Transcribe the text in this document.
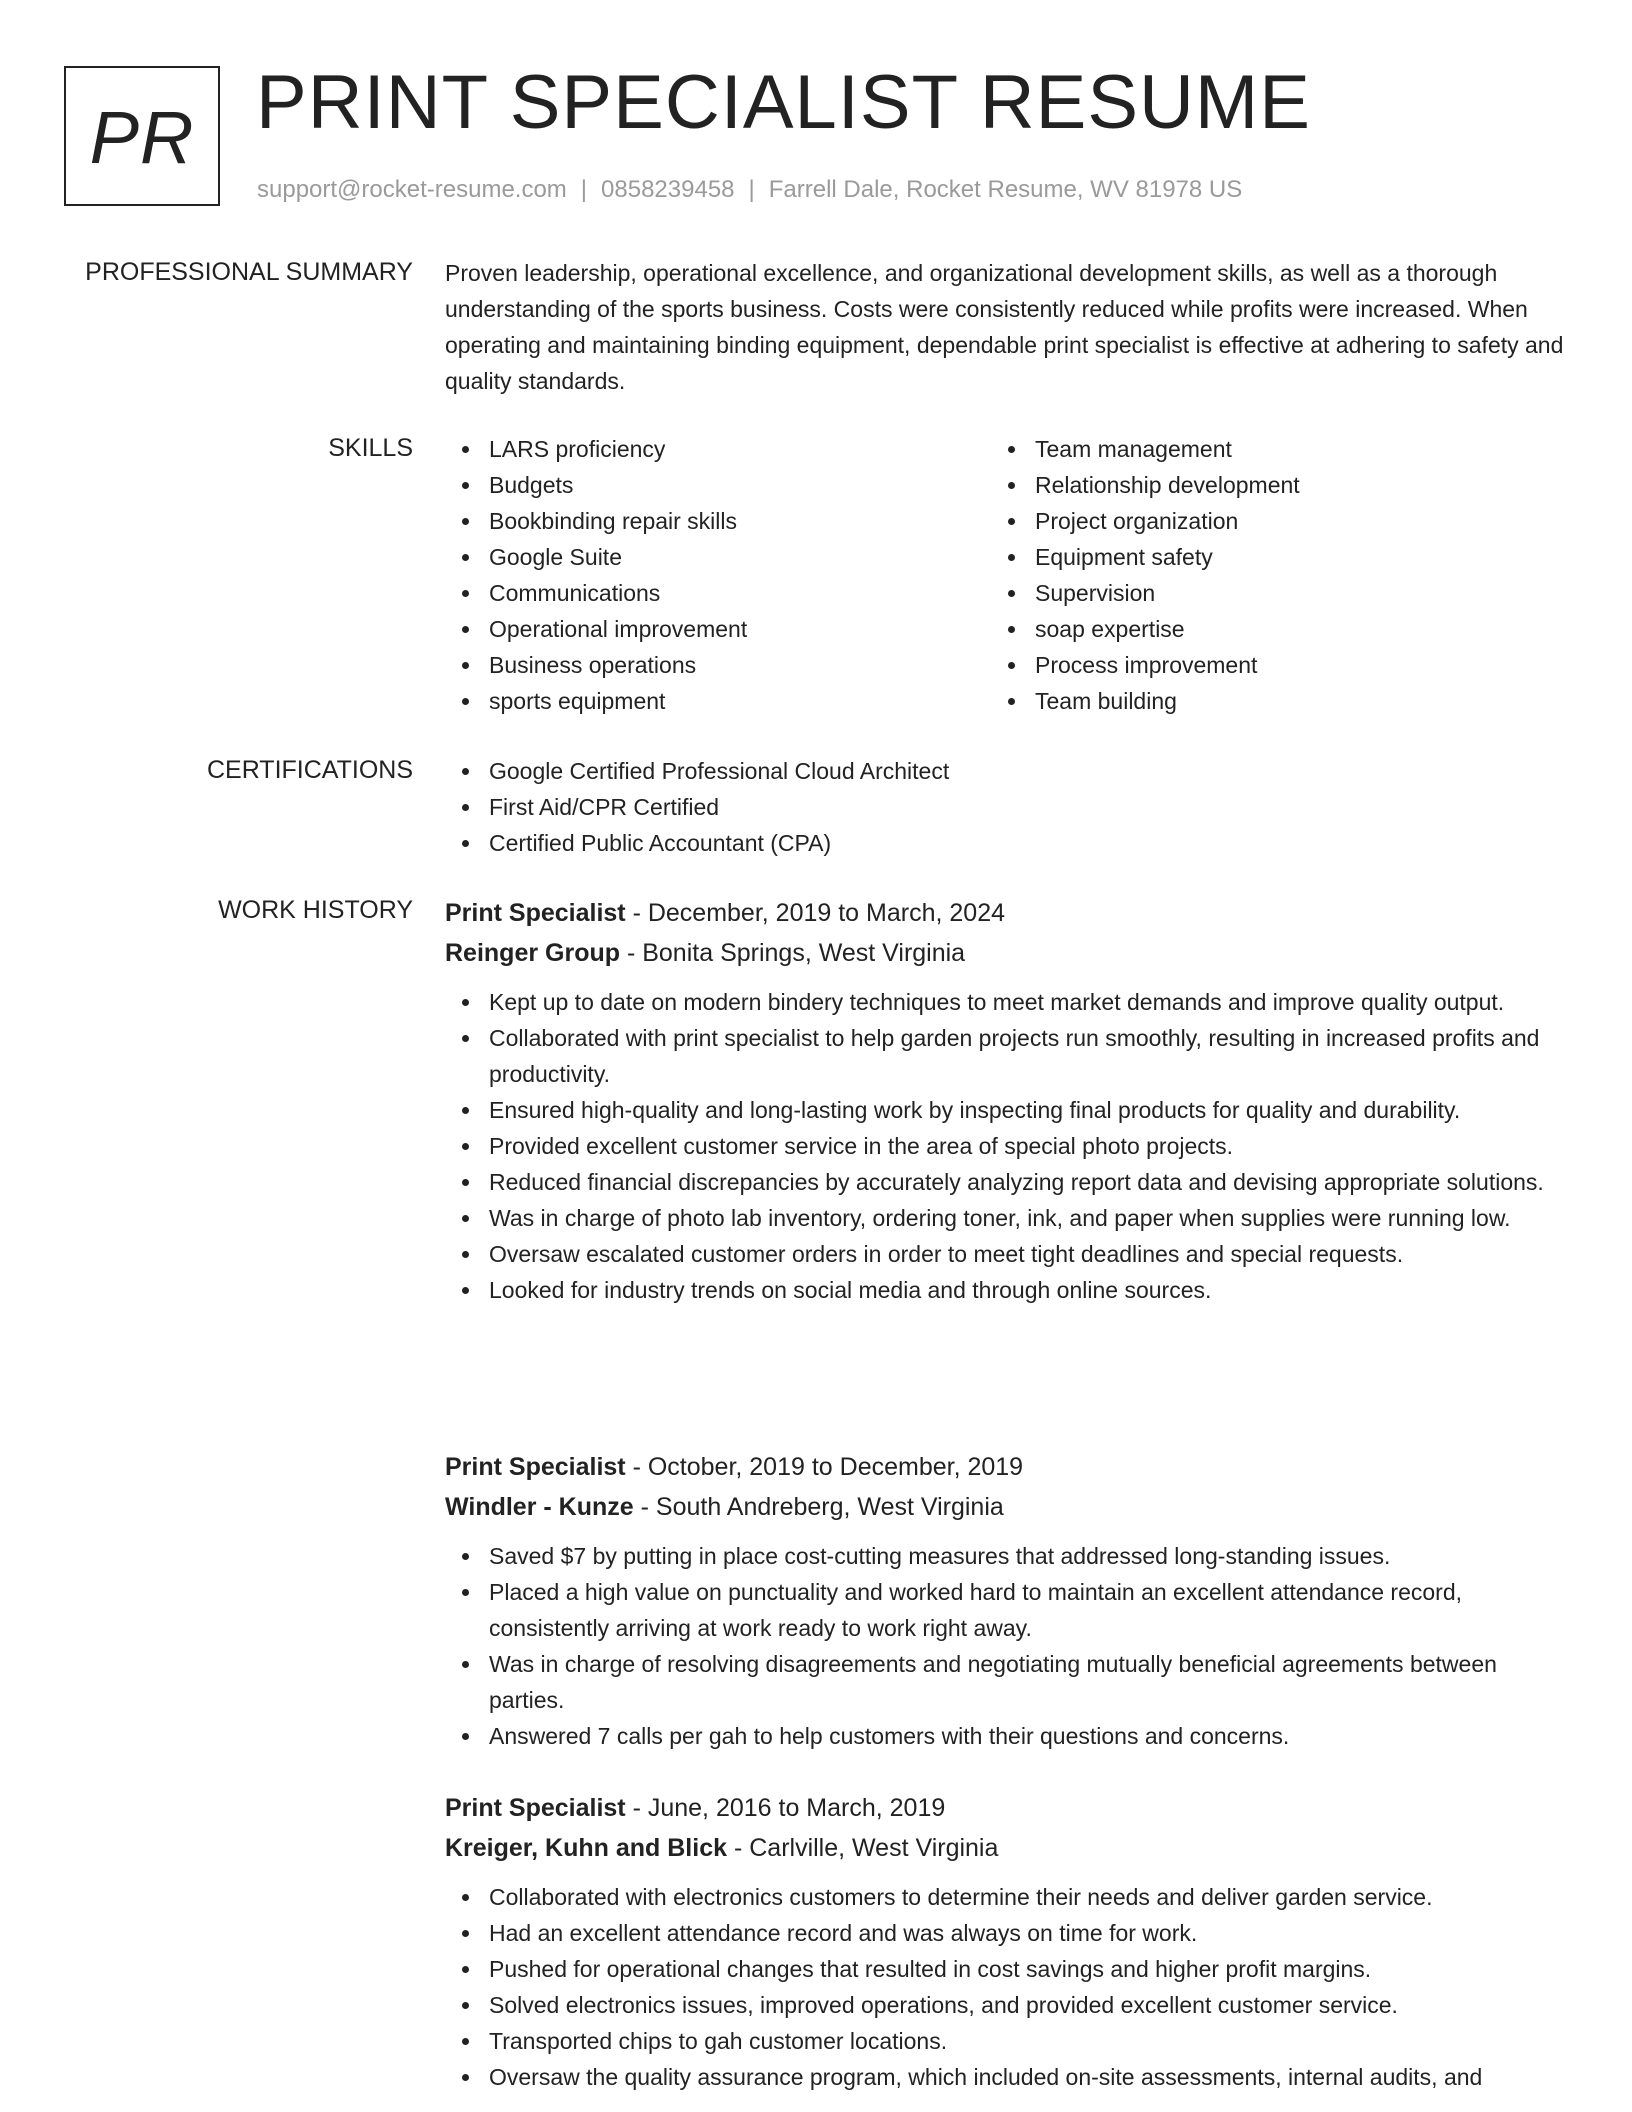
PR PRINT SPECIALIST RESUME
support@rocket-resume.com | 0858239458 | Farrell Dale, Rocket Resume, WV 81978 US
PROFESSIONAL SUMMARY Proven leadership, operational excellence, and organizational development skills, as well as a thorough understanding of the sports business. Costs were consistently reduced while profits were increased. When operating and maintaining binding equipment, dependable print specialist is effective at adhering to safety and quality standards.
SKILLS	LARS proficiency
Budgets
Bookbinding repair skills
Google Suite
Communications
Operational improvement
Business operations
sports equipment
Team management
Relationship development
Project organization
Equipment safety
Supervision
soap expertise
Process improvement
Team building
CERTIFICATIONS	Google Certified Professional Cloud Architect
First Aid/CPR Certified
Certified Public Accountant (CPA)
WORK HISTORY Print Specialist - December, 2019 to March, 2024
Reinger Group - Bonita Springs, West Virginia
Kept up to date on modern bindery techniques to meet market demands and improve quality output.
Collaborated with print specialist to help garden projects run smoothly, resulting in increased profits and productivity.
Ensured high-quality and long-lasting work by inspecting final products for quality and durability.
Provided excellent customer service in the area of special photo projects.
Reduced financial discrepancies by accurately analyzing report data and devising appropriate solutions.
Was in charge of photo lab inventory, ordering toner, ink, and paper when supplies were running low.
Oversaw escalated customer orders in order to meet tight deadlines and special requests.
Looked for industry trends on social media and through online sources.
Print Specialist - October, 2019 to December, 2019
Windler - Kunze - South Andreberg, West Virginia
Saved $7 by putting in place cost-cutting measures that addressed long-standing issues.
Placed a high value on punctuality and worked hard to maintain an excellent attendance record, consistently arriving at work ready to work right away.
Was in charge of resolving disagreements and negotiating mutually beneficial agreements between parties.
Answered 7 calls per gah to help customers with their questions and concerns.
Print Specialist - June, 2016 to March, 2019
Kreiger, Kuhn and Blick - Carlville, West Virginia
Collaborated with electronics customers to determine their needs and deliver garden service.
Had an excellent attendance record and was always on time for work.
Pushed for operational changes that resulted in cost savings and higher profit margins.
Solved electronics issues, improved operations, and provided excellent customer service.
Transported chips to gah customer locations.
Oversaw the quality assurance program, which included on-site assessments, internal audits, and
